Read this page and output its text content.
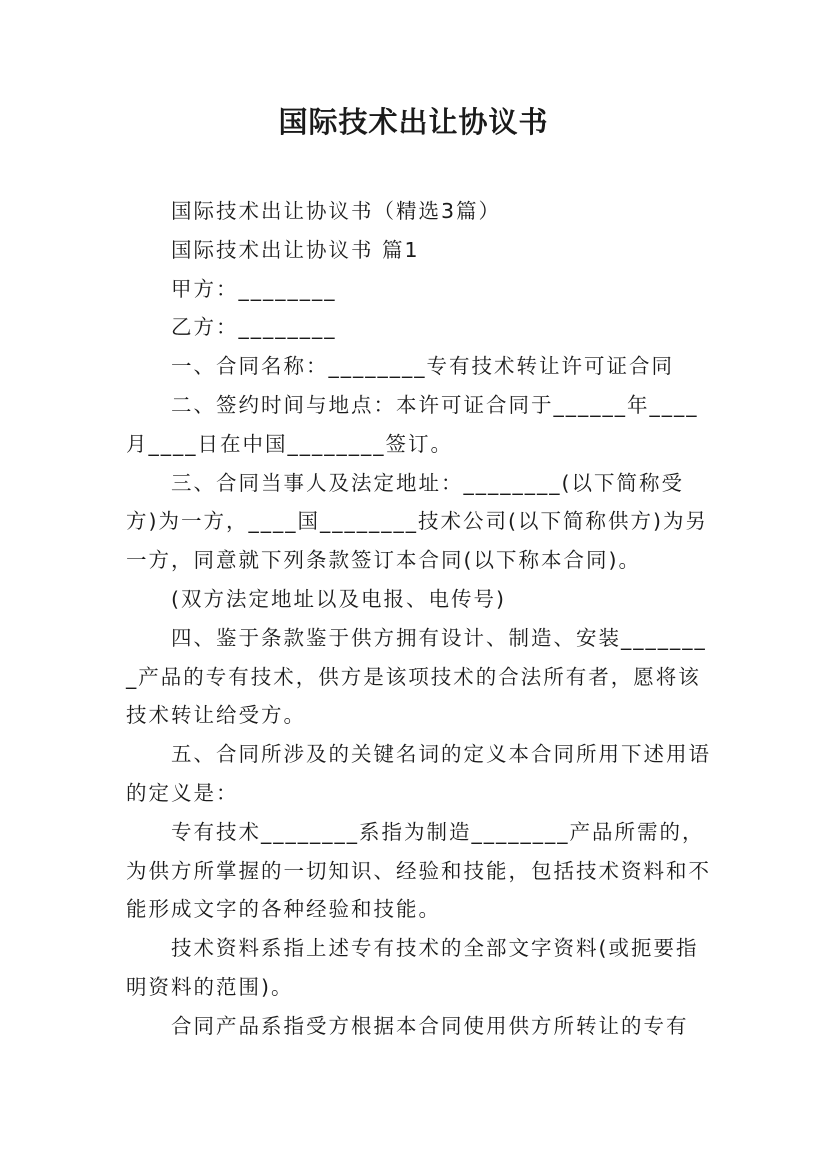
国际技术出让协议书

国际技术出让协议书（精选3篇）

国际技术出让协议书 篇1

甲方：________

乙方：________

一、合同名称：________专有技术转让许可证合同

二、签约时间与地点：本许可证合同于______年____月____日在中国________签订。

三、合同当事人及法定地址：________(以下简称受方)为一方，____国________技术公司(以下简称供方)为另一方，同意就下列条款签订本合同(以下称本合同)。

(双方法定地址以及电报、电传号)

四、鉴于条款鉴于供方拥有设计、制造、安装________产品的专有技术，供方是该项技术的合法所有者，愿将该技术转让给受方。

五、合同所涉及的关键名词的定义本合同所用下述用语的定义是：

专有技术________系指为制造________产品所需的，为供方所掌握的一切知识、经验和技能，包括技术资料和不能形成文字的各种经验和技能。

技术资料系指上述专有技术的全部文字资料(或扼要指明资料的范围)。

合同产品系指受方根据本合同使用供方所转让的专有
